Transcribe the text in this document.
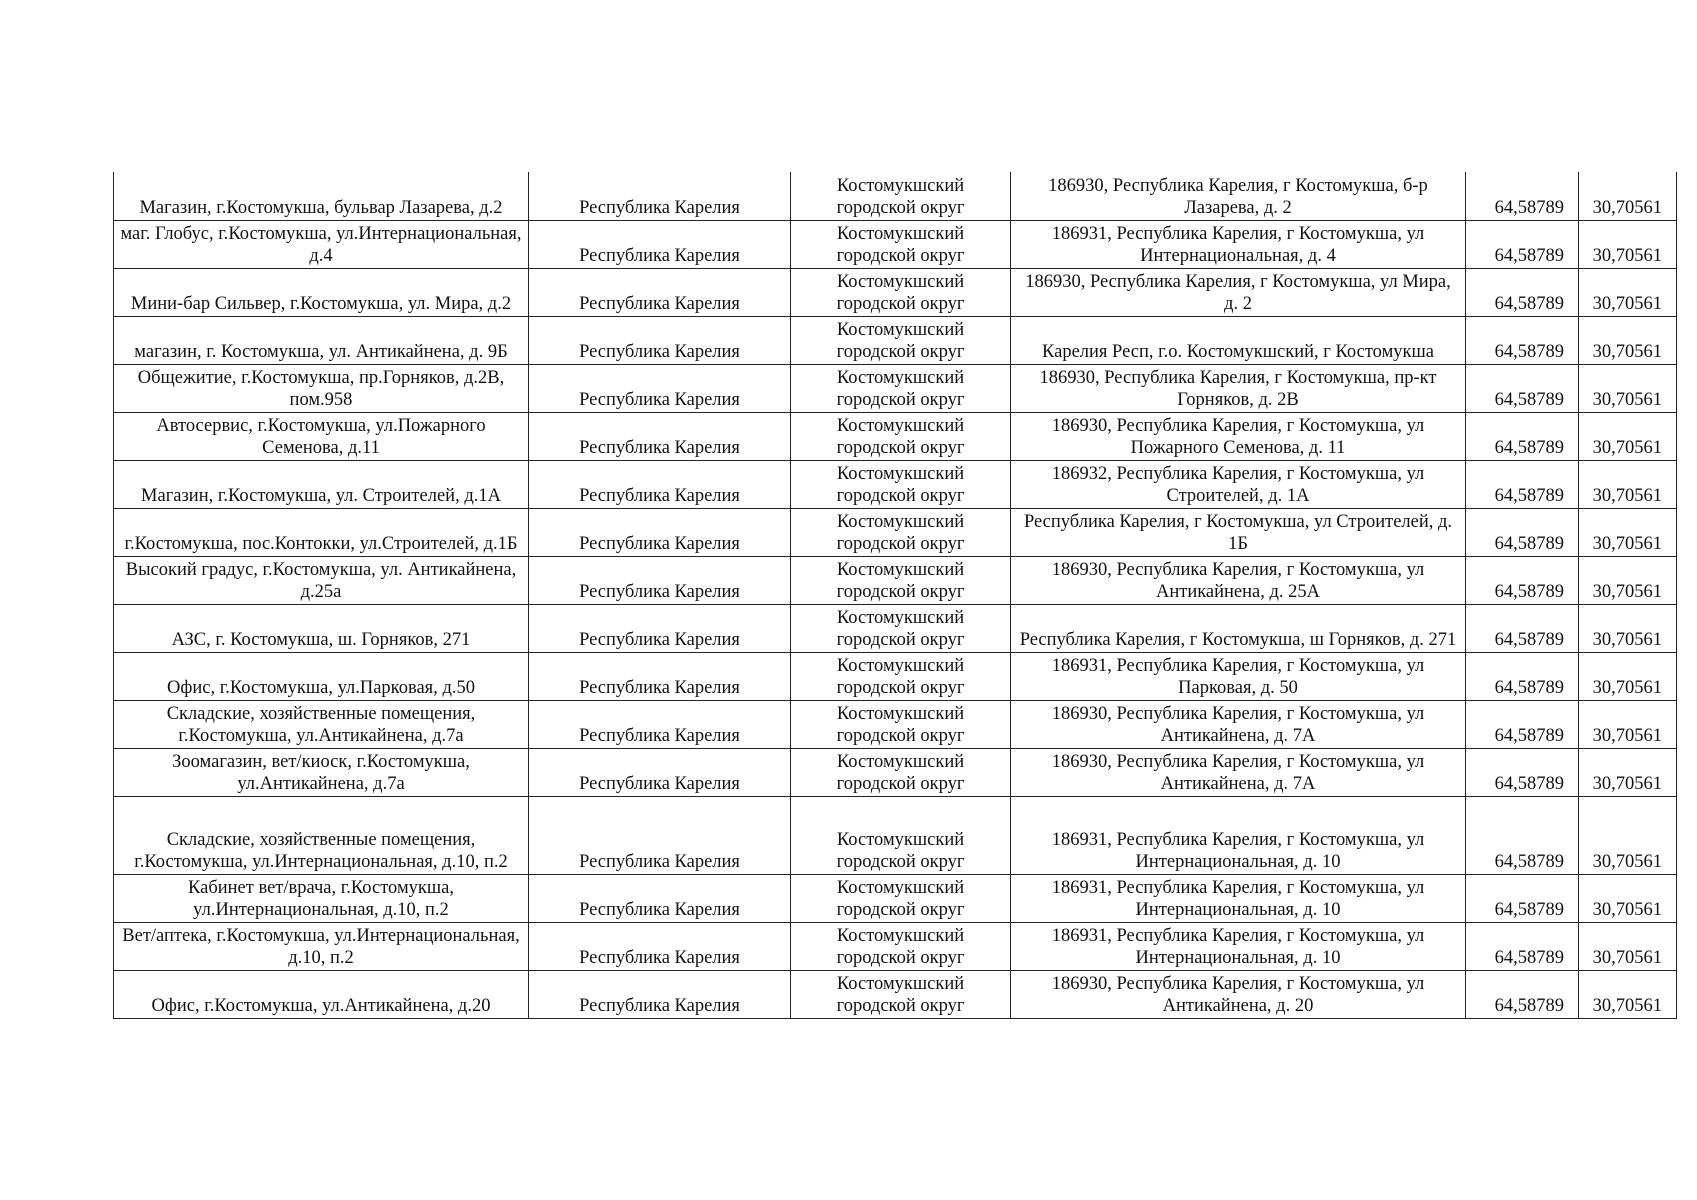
Магазин, г.Костомукша, бульвар Лазарева, д.2	Республика Карелия	Костомукшский городской округ	186930, Республика Карелия, г Костомукша, б-р Лазарева, д. 2	64,58789	30,70561
маг. Глобус, г.Костомукша, ул.Интернациональная, д.4	Республика Карелия	Костомукшский городской округ	186931, Республика Карелия, г Костомукша, ул Интернациональная, д. 4	64,58789	30,70561
Мини-бар Сильвер, г.Костомукша, ул. Мира, д.2	Республика Карелия	Костомукшский городской округ	186930, Республика Карелия, г Костомукша, ул Мира, д. 2	64,58789	30,70561
магазин, г. Костомукша, ул. Антикайнена, д. 9Б	Республика Карелия	Костомукшский городской округ	Карелия Респ, г.о. Костомукшский, г Костомукша	64,58789	30,70561
Общежитие, г.Костомукша, пр.Горняков, д.2В, пом.958	Республика Карелия	Костомукшский городской округ	186930, Республика Карелия, г Костомукша, пр-кт Горняков, д. 2В	64,58789	30,70561
Автосервис, г.Костомукша, ул.Пожарного Семенова, д.11	Республика Карелия	Костомукшский городской округ	186930, Республика Карелия, г Костомукша, ул Пожарного Семенова, д. 11	64,58789	30,70561
Магазин, г.Костомукша, ул. Строителей, д.1А	Республика Карелия	Костомукшский городской округ	186932, Республика Карелия, г Костомукша, ул Строителей, д. 1А	64,58789	30,70561
г.Костомукша, пос.Контокки, ул.Строителей, д.1Б	Республика Карелия	Костомукшский городской округ	Республика Карелия, г Костомукша, ул Строителей, д. 1Б	64,58789	30,70561
Высокий градус, г.Костомукша, ул. Антикайнена, д.25а	Республика Карелия	Костомукшский городской округ	186930, Республика Карелия, г Костомукша, ул Антикайнена, д. 25А	64,58789	30,70561
АЗС, г. Костомукша, ш. Горняков, 271	Республика Карелия	Костомукшский городской округ	Республика Карелия, г Костомукша, ш Горняков, д. 271	64,58789	30,70561
Офис, г.Костомукша, ул.Парковая, д.50	Республика Карелия	Костомукшский городской округ	186931, Республика Карелия, г Костомукша, ул Парковая, д. 50	64,58789	30,70561
Складские, хозяйственные помещения, г.Костомукша, ул.Антикайнена, д.7а	Республика Карелия	Костомукшский городской округ	186930, Республика Карелия, г Костомукша, ул Антикайнена, д. 7А	64,58789	30,70561
Зоомагазин, вет/киоск, г.Костомукша, ул.Антикайнена, д.7а	Республика Карелия	Костомукшский городской округ	186930, Республика Карелия, г Костомукша, ул Антикайнена, д. 7А	64,58789	30,70561
Складские, хозяйственные помещения, г.Костомукша, ул.Интернациональная, д.10, п.2	Республика Карелия	Костомукшский городской округ	186931, Республика Карелия, г Костомукша, ул Интернациональная, д. 10	64,58789	30,70561
Кабинет вет/врача, г.Костомукша, ул.Интернациональная, д.10, п.2	Республика Карелия	Костомукшский городской округ	186931, Республика Карелия, г Костомукша, ул Интернациональная, д. 10	64,58789	30,70561
Вет/аптека, г.Костомукша, ул.Интернациональная, д.10, п.2	Республика Карелия	Костомукшский городской округ	186931, Республика Карелия, г Костомукша, ул Интернациональная, д. 10	64,58789	30,70561
Офис, г.Костомукша, ул.Антикайнена, д.20	Республика Карелия	Костомукшский городской округ	186930, Республика Карелия, г Костомукша, ул Антикайнена, д. 20	64,58789	30,70561
